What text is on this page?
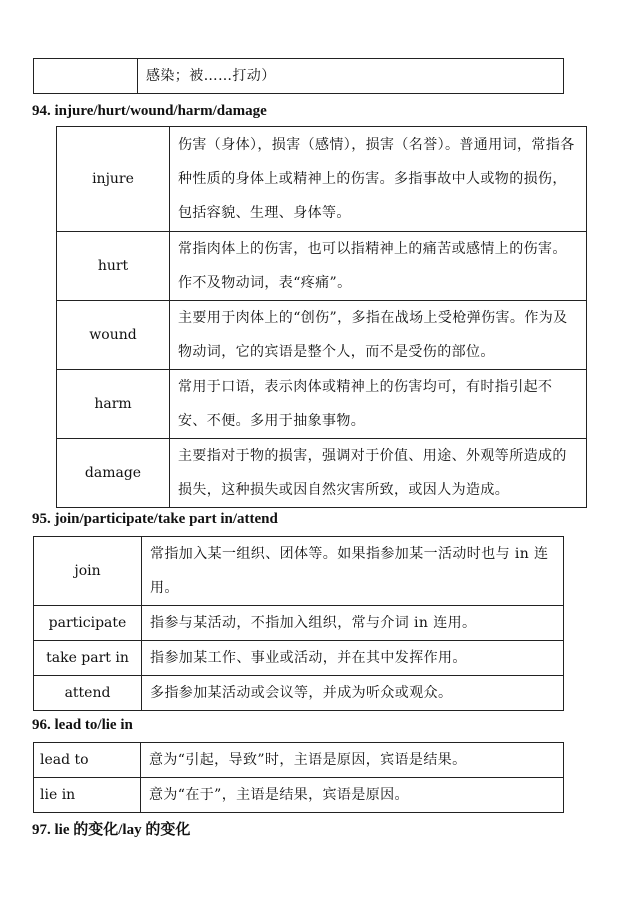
	感染；被……打动）
94. injure/hurt/wound/harm/damage
injure	伤害（身体），损害（感情），损害（名誉）。普通用词，常指各种性质的身体上或精神上的伤害。多指事故中人或物的损伤，包括容貌、生理、身体等。
hurt	常指肉体上的伤害，也可以指精神上的痛苦或感情上的伤害。作不及物动词，表“疼痛”。
wound	主要用于肉体上的“创伤”，多指在战场上受枪弹伤害。作为及物动词，它的宾语是整个人，而不是受伤的部位。
harm	常用于口语，表示肉体或精神上的伤害均可，有时指引起不安、不便。多用于抽象事物。
damage	主要指对于物的损害，强调对于价值、用途、外观等所造成的损失，这种损失或因自然灾害所致，或因人为造成。
95. join/participate/take part in/attend
join	常指加入某一组织、团体等。如果指参加某一活动时也与 in 连用。
participate	指参与某活动，不指加入组织，常与介词 in 连用。
take part in	指参加某工作、事业或活动，并在其中发挥作用。
attend	多指参加某活动或会议等，并成为听众或观众。
96. lead to/lie in
lead to	意为“引起，导致”时，主语是原因，宾语是结果。
lie in	意为“在于”，主语是结果，宾语是原因。
97. lie 的变化/lay 的变化
